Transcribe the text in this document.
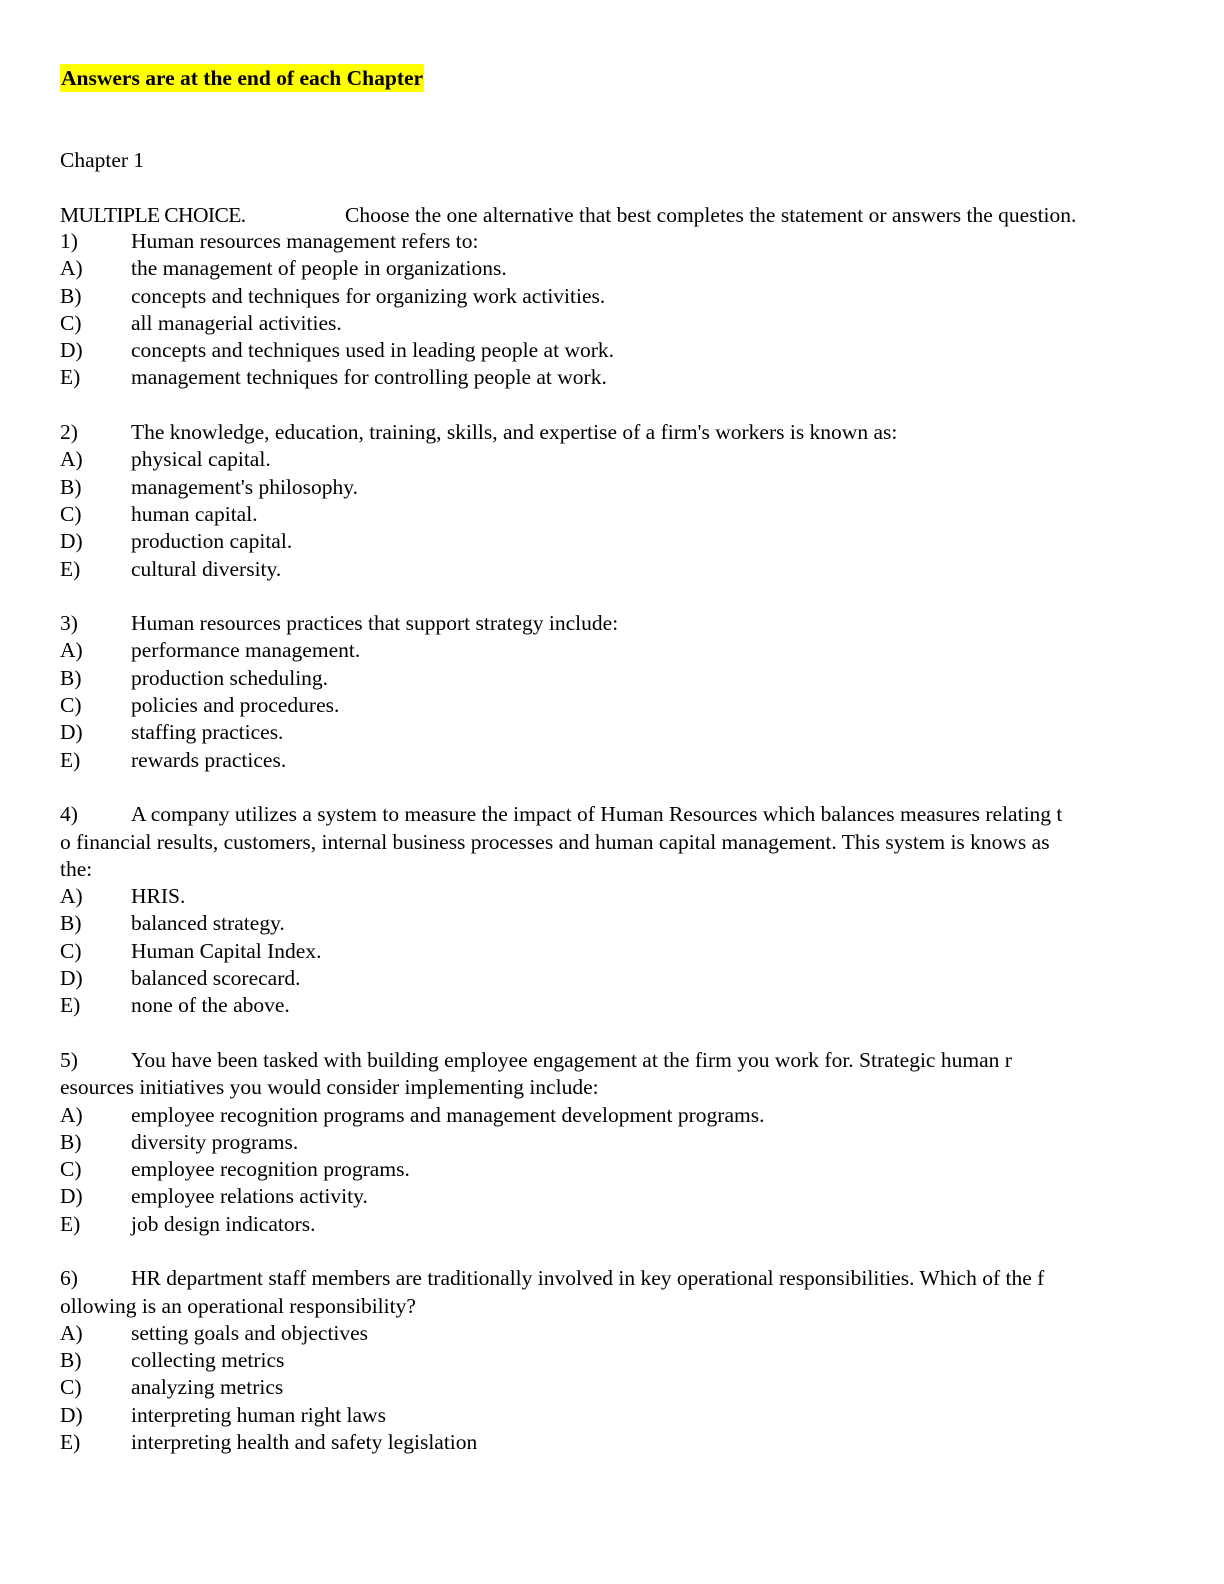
Answers are at the end of each Chapter
Chapter 1
MULTIPLE CHOICE.	Choose the one alternative that best completes the statement or answers the question.
1)	Human resources management refers to:
A)	the management of people in organizations.
B)	concepts and techniques for organizing work activities.
C)	all managerial activities.
D)	concepts and techniques used in leading people at work.
E)	management techniques for controlling people at work.
2)	The knowledge, education, training, skills, and expertise of a firm's workers is known as:
A)	physical capital.
B)	management's philosophy.
C)	human capital.
D)	production capital.
E)	cultural diversity.
3)	Human resources practices that support strategy include:
A)	performance management.
B)	production scheduling.
C)	policies and procedures.
D)	staffing practices.
E)	rewards practices.
4)	A company utilizes a system to measure the impact of Human Resources which balances measures relating t
o financial results, customers, internal business processes and human capital management. This system is knows as
the:
A)	HRIS.
B)	balanced strategy.
C)	Human Capital Index.
D)	balanced scorecard.
E)	none of the above.
5)	You have been tasked with building employee engagement at the firm you work for. Strategic human r
esources initiatives you would consider implementing include:
A)	employee recognition programs and management development programs.
B)	diversity programs.
C)	employee recognition programs.
D)	employee relations activity.
E)	job design indicators.
6)	HR department staff members are traditionally involved in key operational responsibilities. Which of the f
ollowing is an operational responsibility?
A)	setting goals and objectives
B)	collecting metrics
C)	analyzing metrics
D)	interpreting human right laws
E)	interpreting health and safety legislation
